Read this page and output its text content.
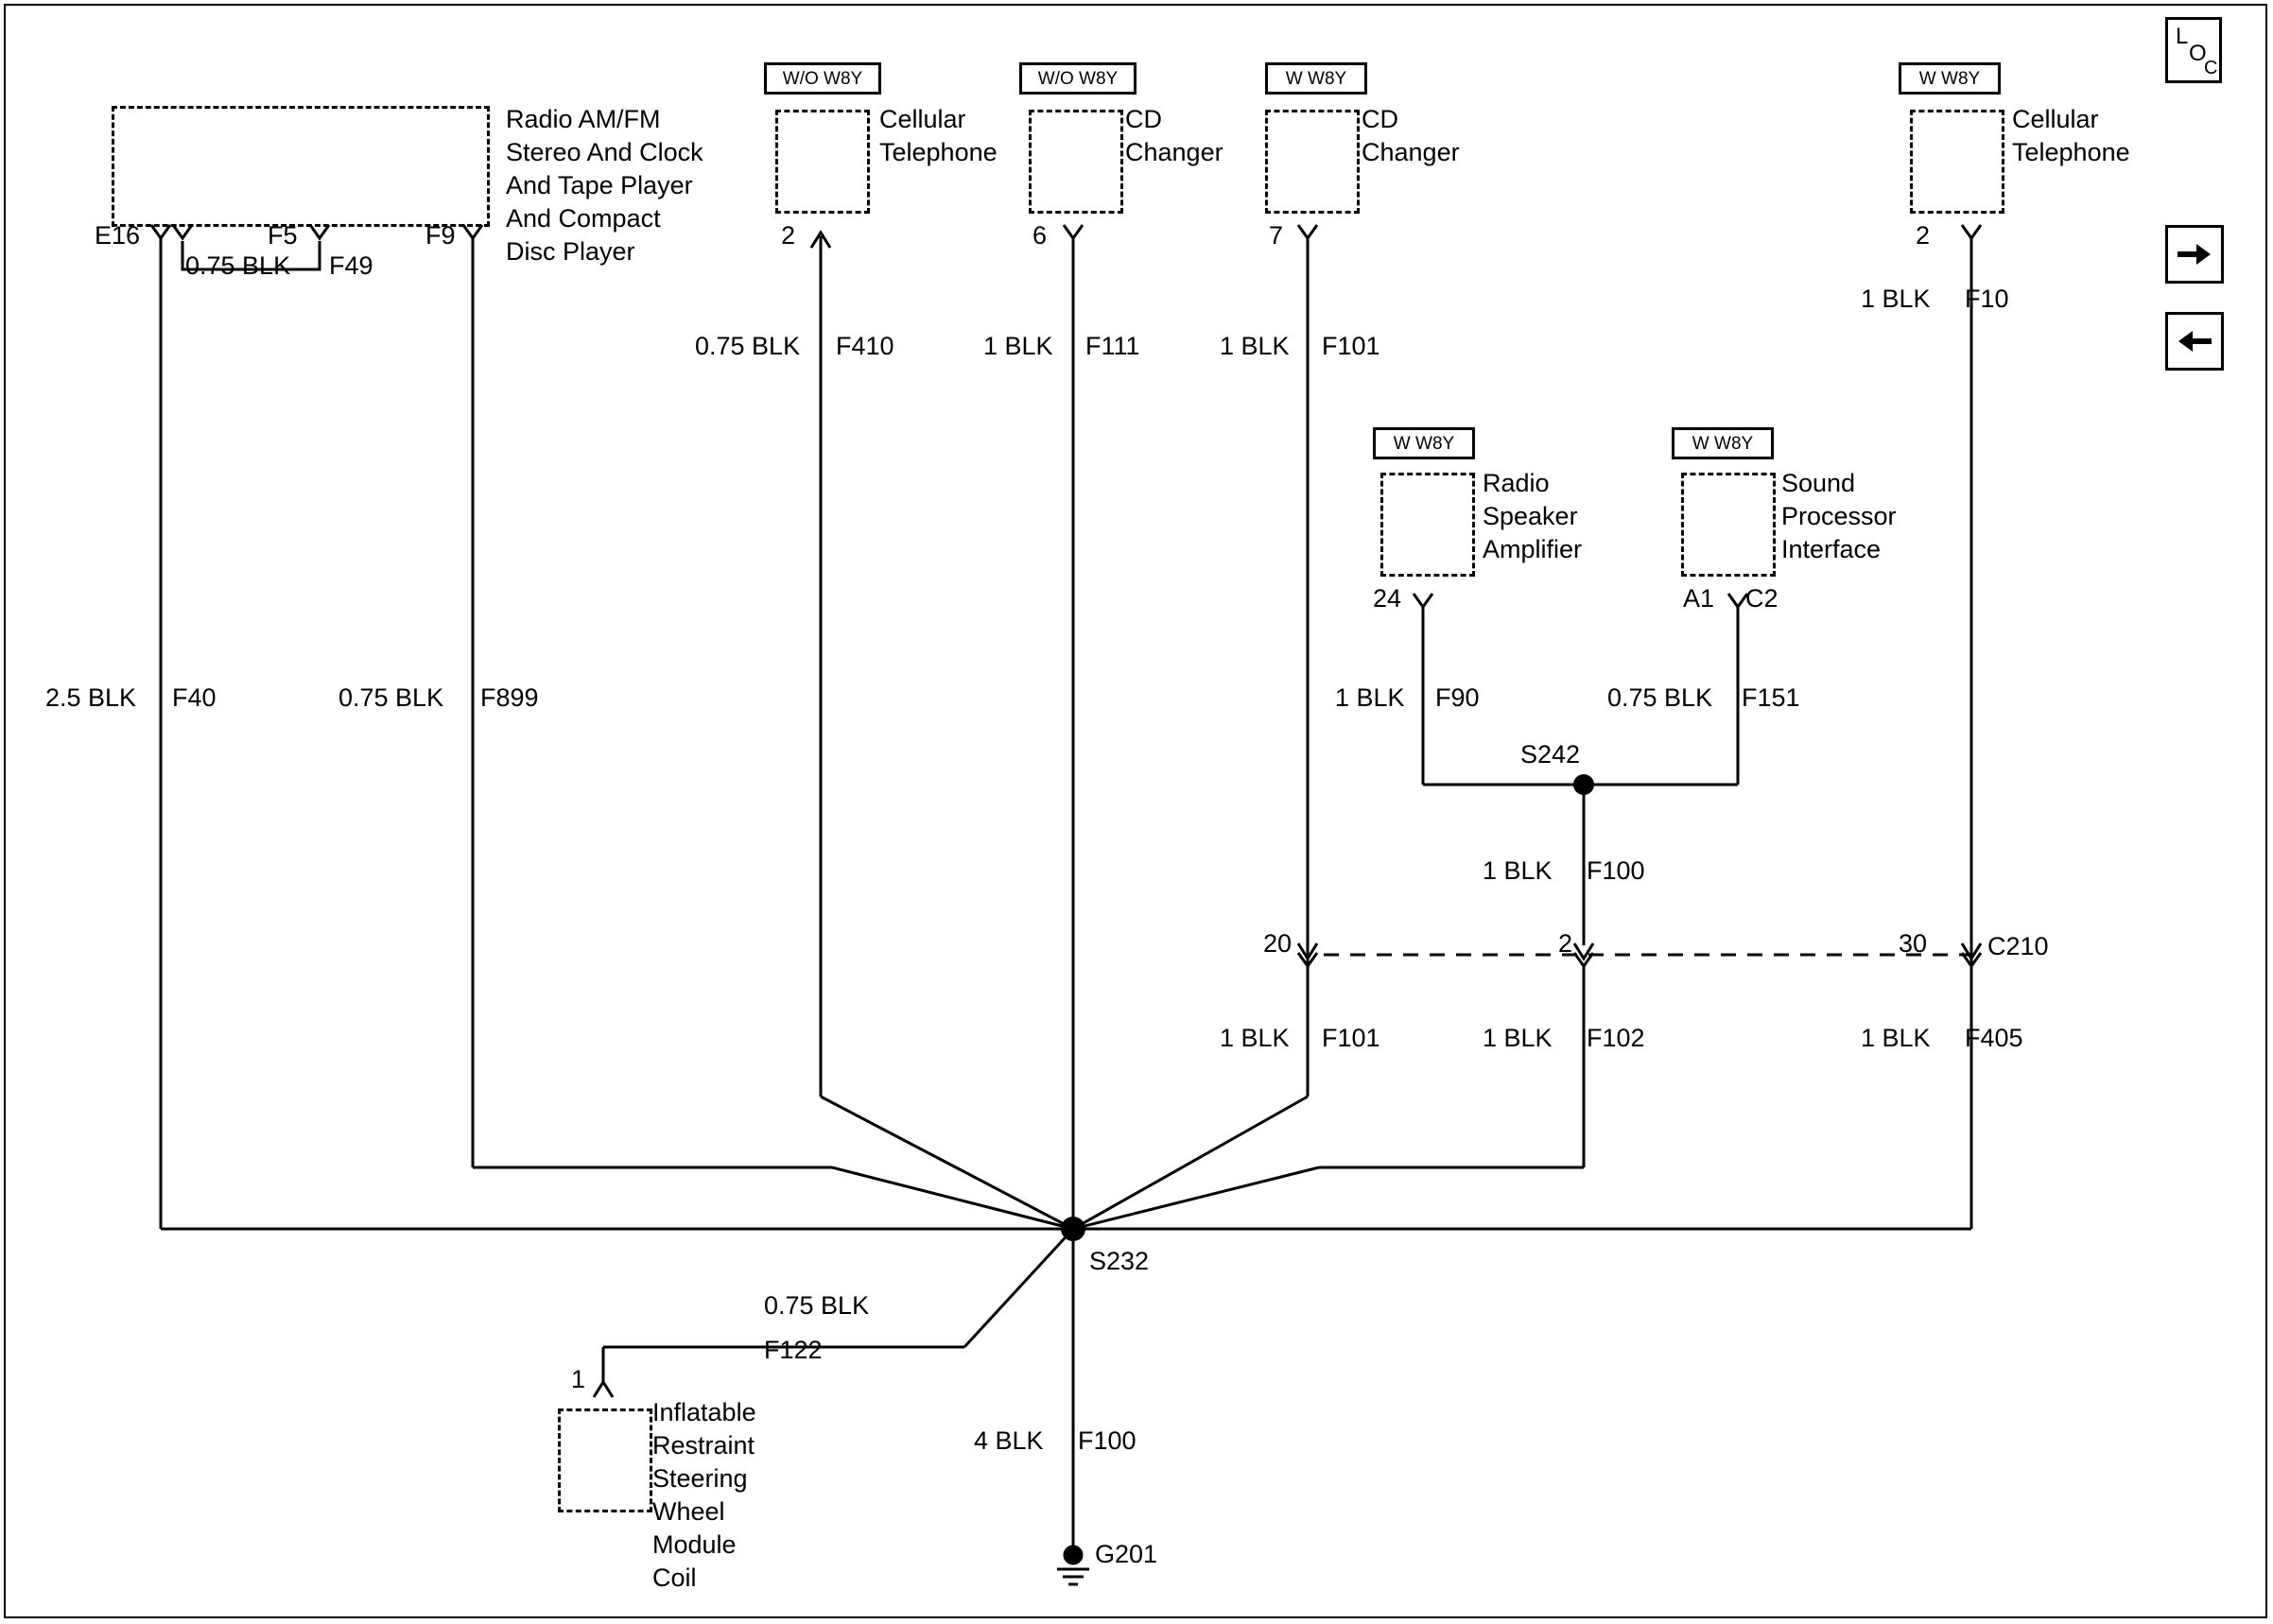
Radio AM/FM
Stereo And Clock
And Tape Player
And Compact
Disc Player
E16	F5	F9
0.75 BLK F49
W/O W8Y
Cellular
Telephone
2
0.75 BLK F410
W/O W8Y
CD
Changer
6
1 BLK F111
W W8Y
CD
Changer
7
1 BLK F101
W W8Y
Cellular
Telephone
2
1 BLK F10
W W8Y
Radio
Speaker
Amplifier
24
1 BLK F90
W W8Y
Sound
Processor
Interface
A1 C2
0.75 BLK F151
S242
1 BLK F100
20	2	30 C210
1 BLK F101	1 BLK F102	1 BLK F405
2.5 BLK F40	0.75 BLK F899
S232
0.75 BLK
F122
1
Inflatable
Restraint
Steering
Wheel
Module
Coil
4 BLK F100
G201
L
O
C
